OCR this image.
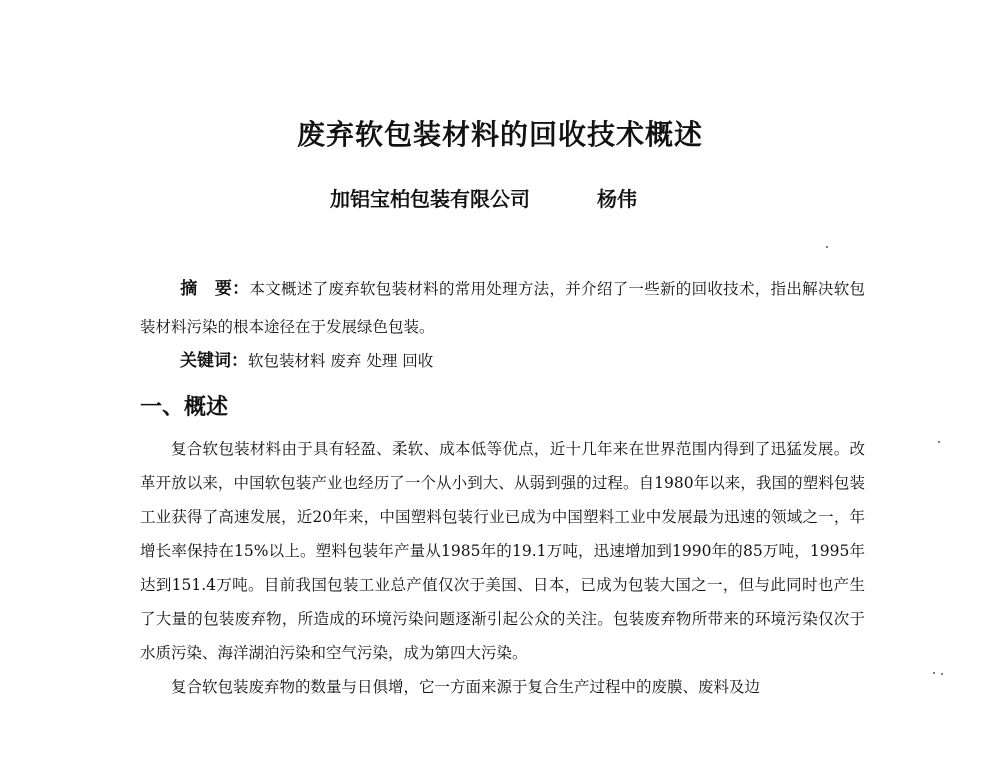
废弃软包装材料的回收技术概述
加铝宝柏包装有限公司	杨伟
摘　要：本文概述了废弃软包装材料的常用处理方法，并介绍了一些新的回收技术，指出解决软包装材料污染的根本途径在于发展绿色包装。
关键词：软包装材料 废弃 处理 回收
一、概述

复合软包装材料由于具有轻盈、柔软、成本低等优点，近十几年来在世界范围内得到了迅猛发展。改革开放以来，中国软包装产业也经历了一个从小到大、从弱到强的过程。自1980年以来，我国的塑料包装工业获得了高速发展，近20年来，中国塑料包装行业已成为中国塑料工业中发展最为迅速的领域之一，年增长率保持在15%以上。塑料包装年产量从1985年的19.1万吨，迅速增加到1990年的85万吨，1995年达到151.4万吨。目前我国包装工业总产值仅次于美国、日本，已成为包装大国之一，但与此同时也产生了大量的包装废弃物，所造成的环境污染问题逐渐引起公众的关注。包装废弃物所带来的环境污染仅次于水质污染、海洋湖泊污染和空气污染，成为第四大污染。

复合软包装废弃物的数量与日俱增，它一方面来源于复合生产过程中的废膜、废料及边
